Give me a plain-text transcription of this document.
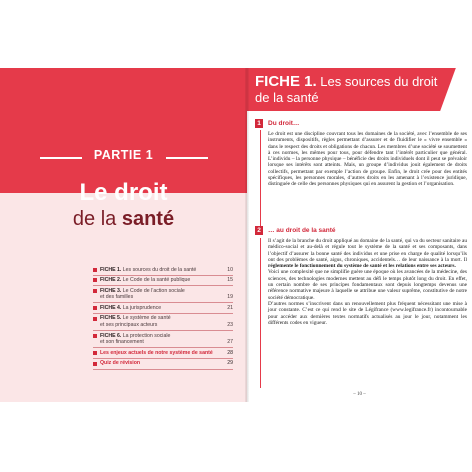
PARTIE 1
Le droit
de la santé
FICHE 1. Les sources du droit de la santé	10
FICHE 2. Le Code de la santé publique	15
FICHE 3. Le Code de l’action sociale
et des familles	19
FICHE 4. La jurisprudence	21
FICHE 5. Le système de santé
et ses principaux acteurs	23
FICHE 6. La protection sociale
et son financement	27
Les enjeux actuels de notre système de santé	28
Quiz de révision	29
FICHE 1. Les sources du droit
de la santé
1	Du droit…

Le droit est une discipline couvrant tous les domaines de la société, avec l’ensemble de ses instruments, dispositifs, règles permettant d’assurer et de fluidifier le « vivre ensemble » dans le respect des droits et obligations de chacun. Les membres d’une société se soumettent à ces normes, les mêmes pour tous, pour défendre tant l’intérêt particulier que général. L’individu – la personne physique – bénéficie des droits individuels dont il peut se prévaloir lorsque ses intérêts sont atteints. Mais, un groupe d’individus jouit également de droits collectifs, permettant par exemple l’action de groupe. Enfin, le droit crée pour des entités spécifiques, les personnes morales, d’autres droits en les amenant à l’existence juridique, distinguée de celle des personnes physiques qui en assurent la gestion et l’organisation.

2	… au droit de la santé

Il s’agit de la branche du droit appliqué au domaine de la santé, qui va du secteur sanitaire au médico-social et au-delà et régule tout le système de la santé et ses composants, dans l’objectif d’assurer la bonne santé des individus et une prise en charge de qualité lorsqu’ils ont des problèmes de santé, aigus, chroniques, accidentels… de leur naissance à la mort. Il réglemente le fonctionnement du système de santé et les relations entre ses acteurs.

Voici une complexité que ne simplifie guère une époque où les avancées de la médecine, des sciences, des technologies modernes mettent au défi le temps plutôt long du droit. En effet, un certain nombre de ses principes fondamentaux sont depuis longtemps devenus une référence normative majeure à laquelle se attribue une valeur suprême, constitutive de notre société démocratique.

D’autres normes s’inscrivent dans un renouvellement plus fréquent nécessitant une mise à jour constante. C’est ce qui rend le site de Légifrance (www.legifrance.fr) incontournable pour accéder aux dernières textes normatifs actualisés au jour le jour, notamment les différents codes en vigueur.

– 10 –
